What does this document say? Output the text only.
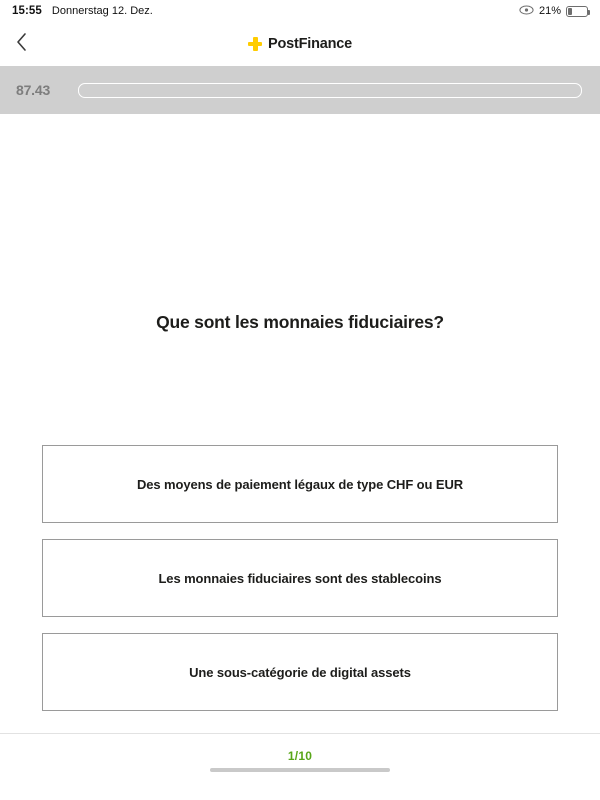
15:55 Donnerstag 12. Dez.	21%
PostFinance
87.43
Que sont les monnaies fiduciaires?
Des moyens de paiement légaux de type CHF ou EUR
Les monnaies fiduciaires sont des stablecoins
Une sous-catégorie de digital assets
1/10
